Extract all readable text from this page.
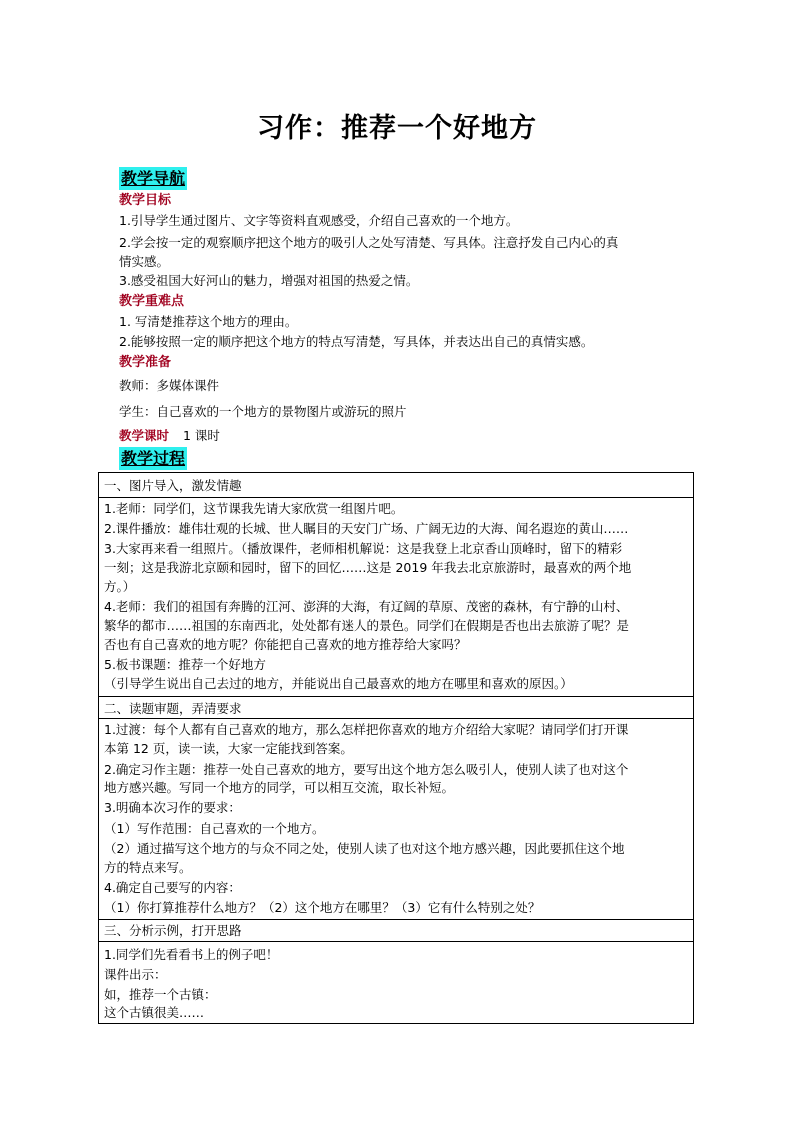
习作：推荐一个好地方
教学导航
教学目标
1.引导学生通过图片、文字等资料直观感受，介绍自己喜欢的一个地方。
2.学会按一定的观察顺序把这个地方的吸引人之处写清楚、写具体。注意抒发自己内心的真
情实感。
3.感受祖国大好河山的魅力，增强对祖国的热爱之情。
教学重难点
1. 写清楚推荐这个地方的理由。
2.能够按照一定的顺序把这个地方的特点写清楚，写具体，并表达出自己的真情实感。
教学准备
教师：多媒体课件
学生：自己喜欢的一个地方的景物图片或游玩的照片
教学课时 1 课时
教学过程
一、图片导入，激发情趣
1.老师：同学们，这节课我先请大家欣赏一组图片吧。
2.课件播放：雄伟壮观的长城、世人瞩目的天安门广场、广阔无边的大海、闻名遐迩的黄山……
3.大家再来看一组照片。（播放课件，老师相机解说：这是我登上北京香山顶峰时，留下的精彩
一刻；这是我游北京颐和园时，留下的回忆……这是 2019 年我去北京旅游时，最喜欢的两个地
方。）
4.老师：我们的祖国有奔腾的江河、澎湃的大海，有辽阔的草原、茂密的森林，有宁静的山村、
繁华的都市……祖国的东南西北，处处都有迷人的景色。同学们在假期是否也出去旅游了呢？是
否也有自己喜欢的地方呢？你能把自己喜欢的地方推荐给大家吗？
5.板书课题：推荐一个好地方
（引导学生说出自己去过的地方，并能说出自己最喜欢的地方在哪里和喜欢的原因。）
二、读题审题，弄清要求
1.过渡：每个人都有自己喜欢的地方，那么怎样把你喜欢的地方介绍给大家呢？请同学们打开课
本第 12 页，读一读，大家一定能找到答案。
2.确定习作主题：推荐一处自己喜欢的地方，要写出这个地方怎么吸引人，使别人读了也对这个
地方感兴趣。写同一个地方的同学，可以相互交流，取长补短。
3.明确本次习作的要求：
（1）写作范围：自己喜欢的一个地方。
（2）通过描写这个地方的与众不同之处，使别人读了也对这个地方感兴趣，因此要抓住这个地
方的特点来写。
4.确定自己要写的内容：
（1）你打算推荐什么地方？（2）这个地方在哪里？（3）它有什么特别之处？
三、分析示例，打开思路
1.同学们先看看书上的例子吧！
课件出示：
如，推荐一个古镇：
这个古镇很美……
